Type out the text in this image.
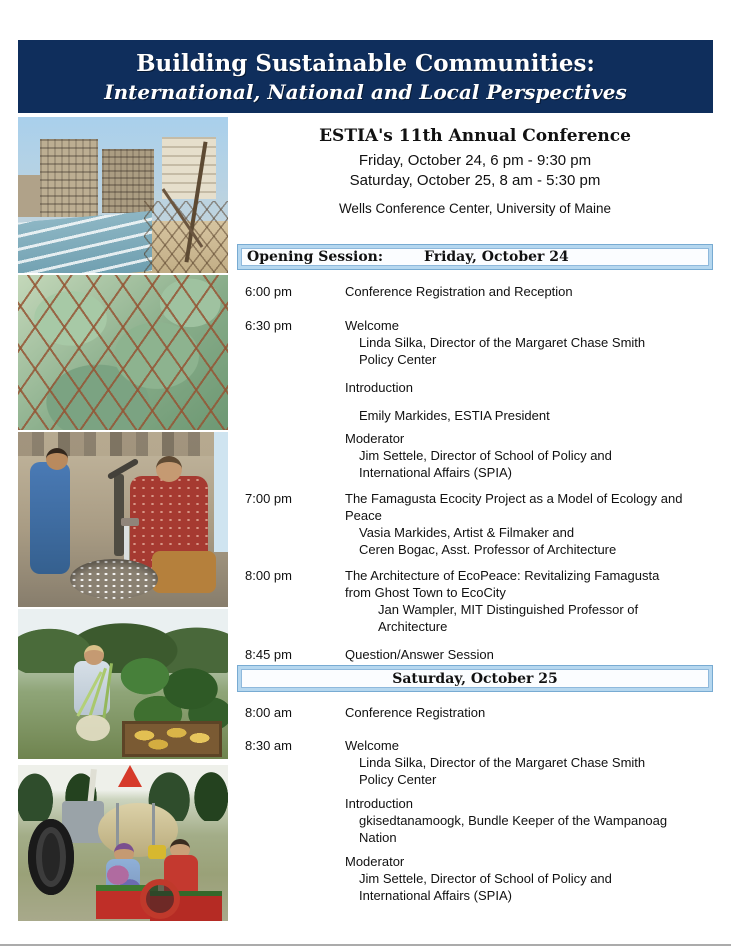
Building Sustainable Communities:
International, National and Local Perspectives
ESTIA's 11th Annual Conference
Friday, October 24, 6 pm - 9:30 pm
Saturday, October 25, 8 am - 5:30 pm
Wells Conference Center, University of Maine
Opening Session:	Friday, October 24
6:00 pm	Conference Registration and Reception
6:30 pm	Welcome
Linda Silka, Director of the Margaret Chase Smith
Policy Center
Introduction
Emily Markides, ESTIA President
Moderator
Jim Settele, Director of School of Policy and
International Affairs (SPIA)
7:00 pm	The Famagusta Ecocity Project as a Model of Ecology and
Peace
Vasia Markides, Artist & Filmaker and
Ceren Bogac, Asst. Professor of Architecture
8:00 pm	The Architecture of EcoPeace: Revitalizing Famagusta
from Ghost Town to EcoCity
Jan Wampler, MIT Distinguished Professor of
Architecture
8:45 pm	Question/Answer Session
Saturday, October 25
8:00 am	Conference Registration
8:30 am	Welcome
Linda Silka, Director of the Margaret Chase Smith
Policy Center
Introduction
gkisedtanamoogk, Bundle Keeper of the Wampanoag
Nation
Moderator
Jim Settele, Director of School of Policy and
International Affairs (SPIA)
